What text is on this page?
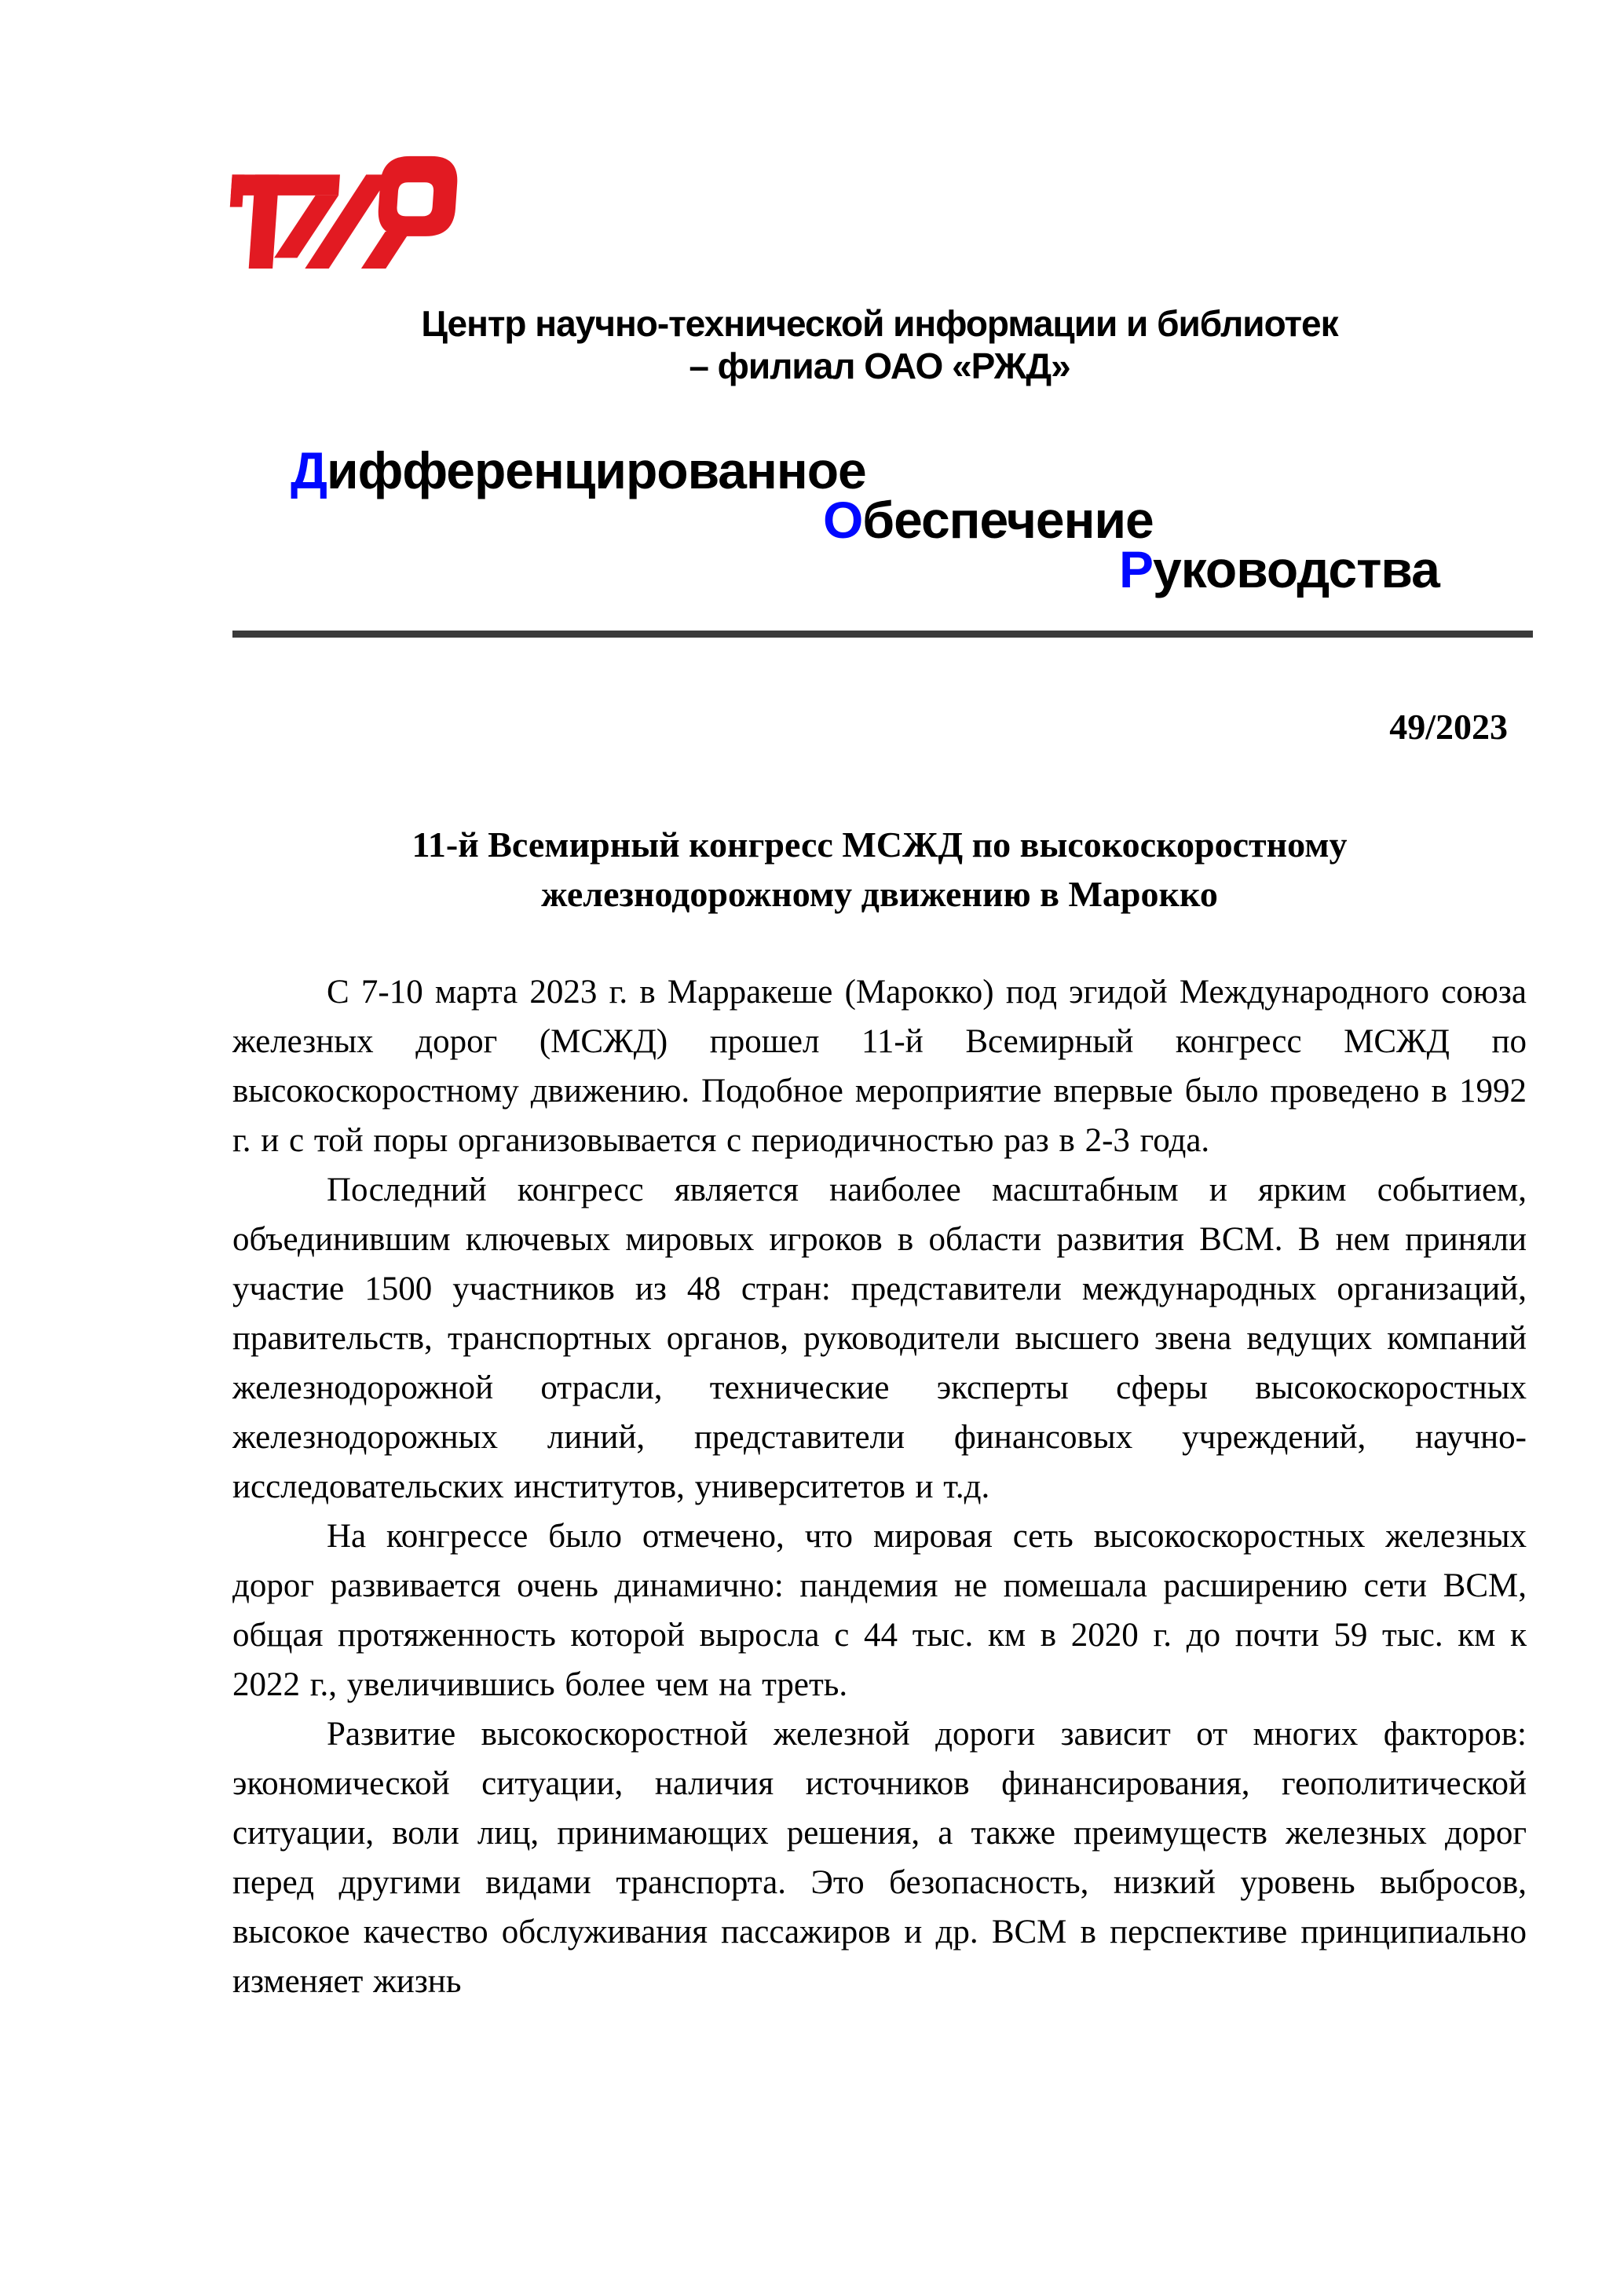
Центр научно-технической информации и библиотек
– филиал ОАО «РЖД»
Дифференцированное
Обеспечение
Руководства
49/2023
11-й Всемирный конгресс МСЖД по высокоскоростному
железнодорожному движению в Марокко

С 7-10 марта 2023 г. в Марракеше (Марокко) под эгидой Международного союза железных дорог (МСЖД) прошел 11-й Всемирный конгресс МСЖД по высокоскоростному движению. Подобное мероприятие впервые было проведено в 1992 г. и с той поры организовывается с периодичностью раз в 2-3 года.

Последний конгресс является наиболее масштабным и ярким событием, объединившим ключевых мировых игроков в области развития ВСМ. В нем приняли участие 1500 участников из 48 стран: представители международных организаций, правительств, транспортных органов, руководители высшего звена ведущих компаний железнодорожной отрасли, технические эксперты сферы высокоскоростных железнодорожных линий, представители финансовых учреждений, научно-исследовательских институтов, университетов и т.д.

На конгрессе было отмечено, что мировая сеть высокоскоростных железных дорог развивается очень динамично: пандемия не помешала расширению сети ВСМ, общая протяженность которой выросла с 44 тыс. км в 2020 г. до почти 59 тыс. км к 2022 г., увеличившись более чем на треть.

Развитие высокоскоростной железной дороги зависит от многих факторов: экономической ситуации, наличия источников финансирования, геополитической ситуации, воли лиц, принимающих решения, а также преимуществ железных дорог перед другими видами транспорта. Это безопасность, низкий уровень выбросов, высокое качество обслуживания пассажиров и др. ВСМ в перспективе принципиально изменяет жизнь
